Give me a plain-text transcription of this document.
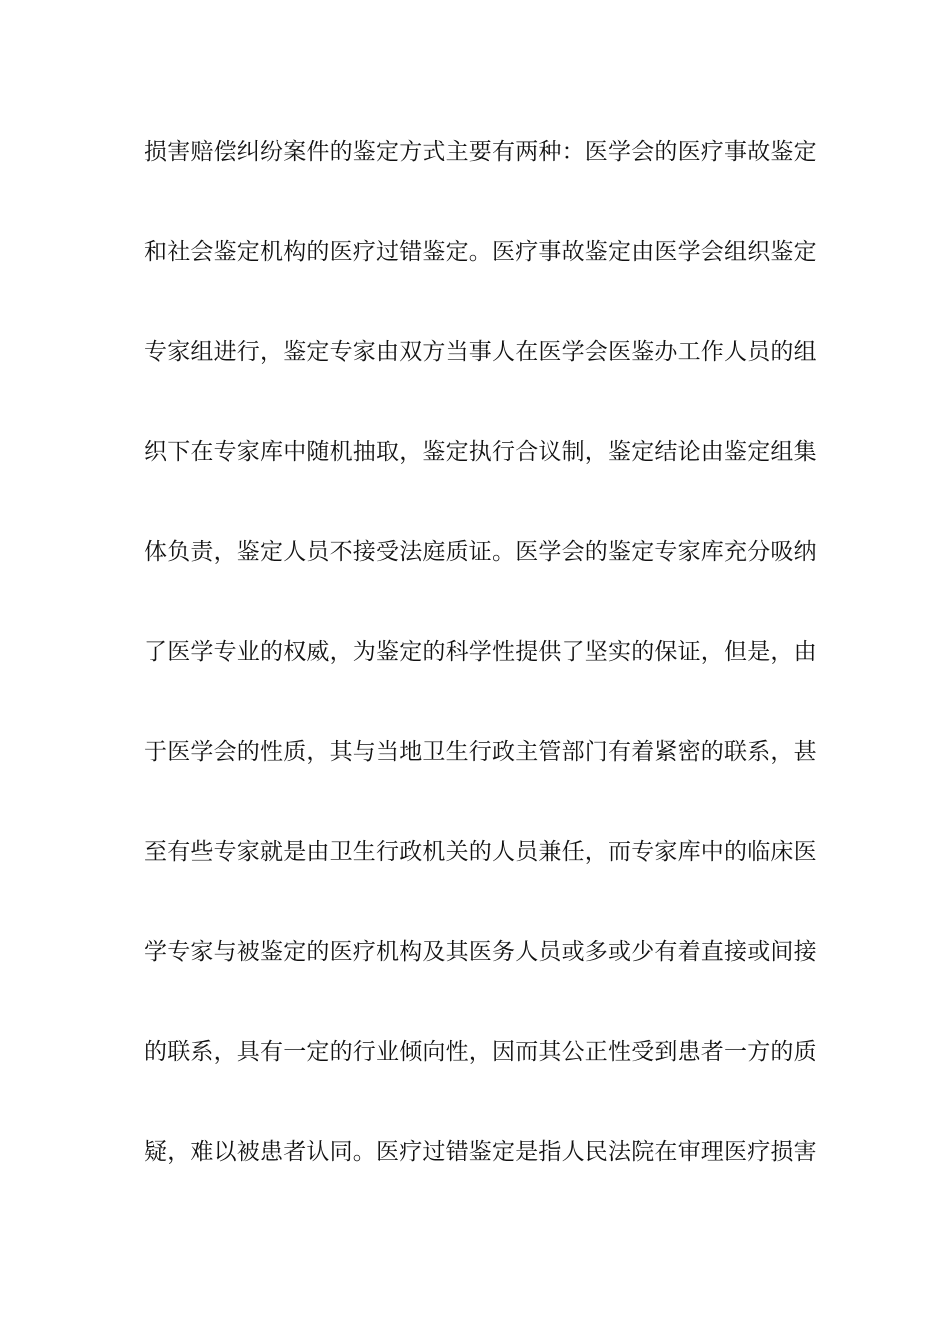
损害赔偿纠纷案件的鉴定方式主要有两种：医学会的医疗事故鉴定
和社会鉴定机构的医疗过错鉴定。医疗事故鉴定由医学会组织鉴定
专家组进行，鉴定专家由双方当事人在医学会医鉴办工作人员的组
织下在专家库中随机抽取，鉴定执行合议制，鉴定结论由鉴定组集
体负责，鉴定人员不接受法庭质证。医学会的鉴定专家库充分吸纳
了医学专业的权威，为鉴定的科学性提供了坚实的保证，但是，由
于医学会的性质，其与当地卫生行政主管部门有着紧密的联系，甚
至有些专家就是由卫生行政机关的人员兼任，而专家库中的临床医
学专家与被鉴定的医疗机构及其医务人员或多或少有着直接或间接
的联系，具有一定的行业倾向性，因而其公正性受到患者一方的质
疑，难以被患者认同。医疗过错鉴定是指人民法院在审理医疗损害
